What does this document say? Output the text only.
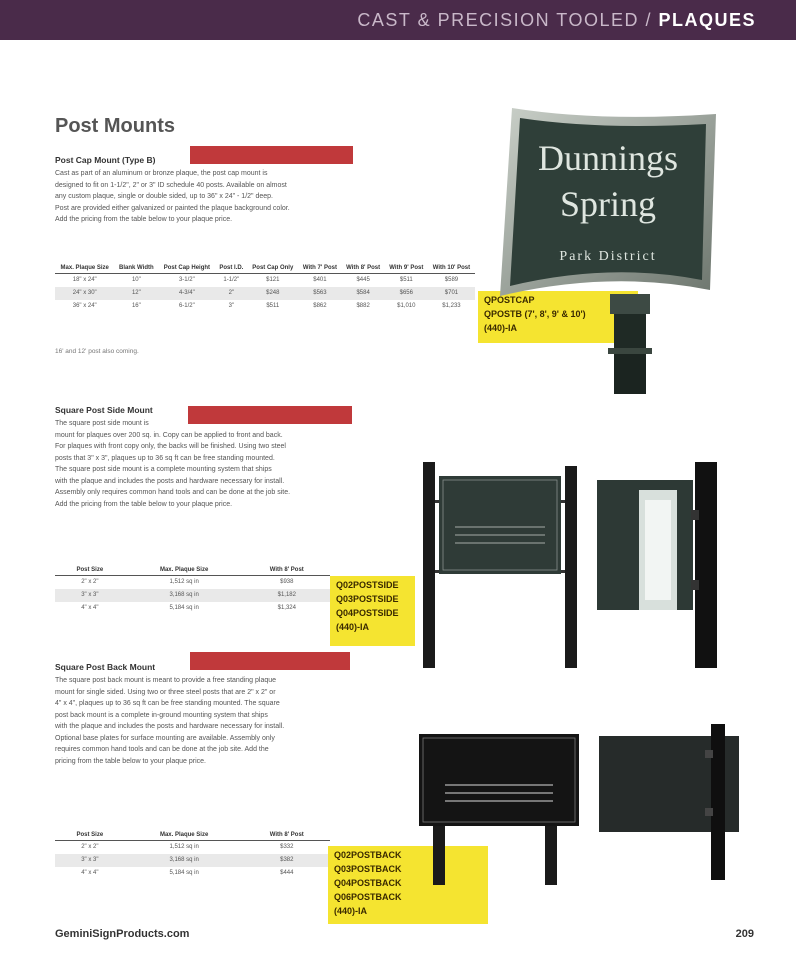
CAST & PRECISION TOOLED / PLAQUES
Post Mounts
Post Cap Mount (Type B)
Cast as part of an aluminum or bronze plaque, the post cap mount is
designed to fit on 1-1/2", 2" or 3" ID schedule 40 posts. Available on almost
any custom plaque, single or double sided, up to 36" x 24" - 1/2" deep.
Post are provided either galvanized or painted the plaque background color.
Add the pricing from the table below to your plaque price.
Max. Plaque Size	Blank Width	Post Cap Height	Post I.D.	Post Cap Only	With 7' Post	With 8' Post	With 9' Post	With 10' Post
18" x 24"	10"	3-1/2"	1-1/2"	$121	$401	$445	$511	$589
24" x 30"	12"	4-3/4"	2"	$248	$563	$584	$656	$701
36" x 24"	16"	6-1/2"	3"	$511	$862	$882	$1,010	$1,233
16' and 12' post also coming.
QPOSTCAP
QPOSTB (7', 8', 9' & 10')
(440)-IA
Dunnings
Spring
Park District
Square Post Side Mount
The square post side mount is
mount for plaques over 200 sq. in. Copy can be applied to front and back.
For plaques with front copy only, the backs will be finished. Using two steel
posts that 3" x 3", plaques up to 36 sq ft can be free standing mounted.
The square post side mount is a complete mounting system that ships
with the plaque and includes the posts and hardware necessary for install.
Assembly only requires common hand tools and can be done at the job site.
Add the pricing from the table below to your plaque price.
Post Size	Max. Plaque Size	With 8' Post
2" x 2"	1,512 sq in	$938
3" x 3"	3,168 sq in	$1,182
4" x 4"	5,184 sq in	$1,324
Q02POSTSIDE
Q03POSTSIDE
Q04POSTSIDE
(440)-IA
Square Post Back Mount
The square post back mount is meant to provide a free standing plaque
mount for single sided. Using two or three steel posts that are 2" x 2" or
4" x 4", plaques up to 36 sq ft can be free standing mounted. The square
post back mount is a complete in-ground mounting system that ships
with the plaque and includes the posts and hardware necessary for install.
Optional base plates for surface mounting are available. Assembly only
requires common hand tools and can be done at the job site. Add the
pricing from the table below to your plaque price.
Post Size	Max. Plaque Size	With 8' Post
2" x 2"	1,512 sq in	$332
3" x 3"	3,168 sq in	$382
4" x 4"	5,184 sq in	$444
Q02POSTBACK
Q03POSTBACK
Q04POSTBACK
Q06POSTBACK
(440)-IA
GeminiSignProducts.com	209
